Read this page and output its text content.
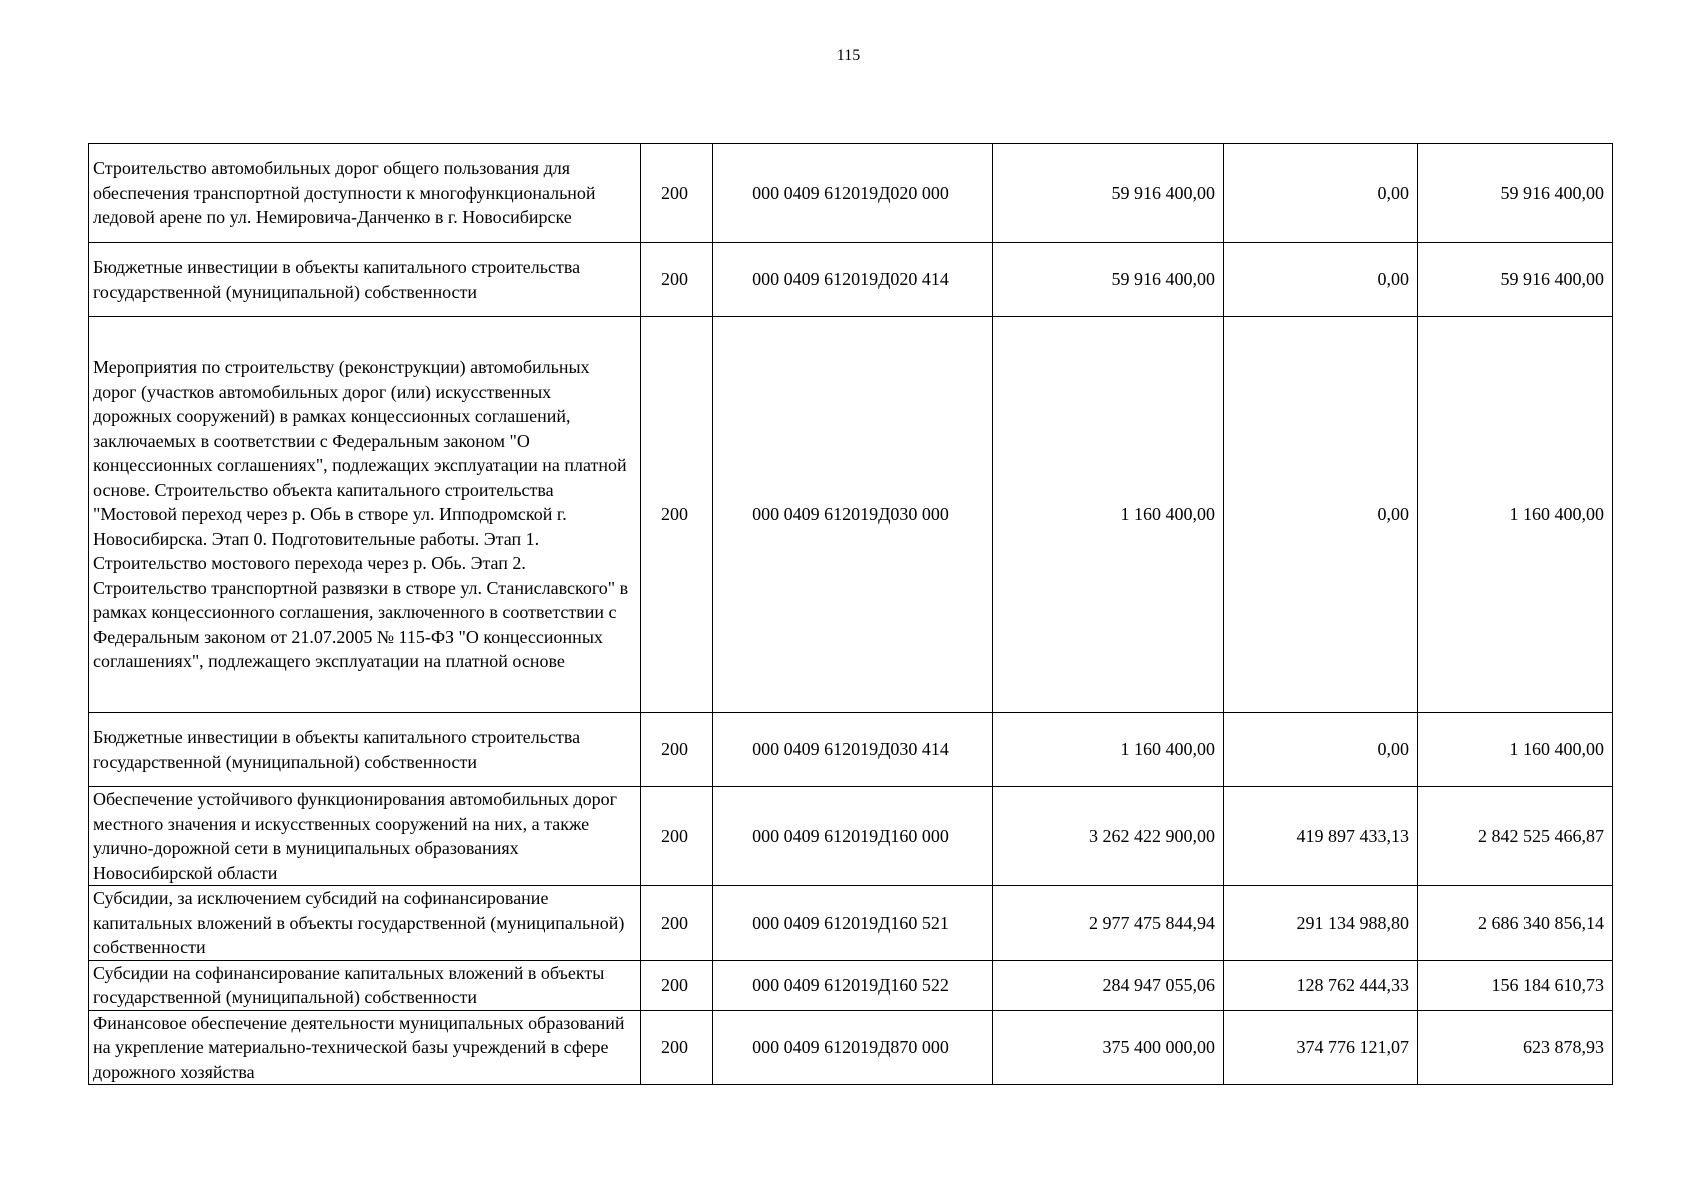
115
Строительство автомобильных дорог общего пользования для обеспечения транспортной доступности к многофункциональной ледовой арене по ул. Немировича-Данченко в г. Новосибирске	200	000 0409 612019Д020 000	59 916 400,00	0,00	59 916 400,00
Бюджетные инвестиции в объекты капитального строительства государственной (муниципальной) собственности	200	000 0409 612019Д020 414	59 916 400,00	0,00	59 916 400,00
Мероприятия по строительству (реконструкции) автомобильных дорог (участков автомобильных дорог (или) искусственных дорожных сооружений) в рамках концессионных соглашений, заключаемых в соответствии с Федеральным законом "О концессионных соглашениях", подлежащих эксплуатации на платной основе. Строительство объекта капитального строительства "Мостовой переход через р. Обь в створе ул. Ипподромской г. Новосибирска. Этап 0. Подготовительные работы. Этап 1. Строительство мостового перехода через р. Обь. Этап 2. Строительство транспортной развязки в створе ул. Станиславского" в рамках концессионного соглашения, заключенного в соответствии с Федеральным законом от 21.07.2005 № 115-ФЗ "О концессионных соглашениях", подлежащего эксплуатации на платной основе	200	000 0409 612019Д030 000	1 160 400,00	0,00	1 160 400,00
Бюджетные инвестиции в объекты капитального строительства государственной (муниципальной) собственности	200	000 0409 612019Д030 414	1 160 400,00	0,00	1 160 400,00
Обеспечение устойчивого функционирования автомобильных дорог местного значения и искусственных сооружений на них, а также улично-дорожной сети в муниципальных образованиях Новосибирской области	200	000 0409 612019Д160 000	3 262 422 900,00	419 897 433,13	2 842 525 466,87
Субсидии, за исключением субсидий на софинансирование капитальных вложений в объекты государственной (муниципальной) собственности	200	000 0409 612019Д160 521	2 977 475 844,94	291 134 988,80	2 686 340 856,14
Субсидии на софинансирование капитальных вложений в объекты государственной (муниципальной) собственности	200	000 0409 612019Д160 522	284 947 055,06	128 762 444,33	156 184 610,73
Финансовое обеспечение деятельности муниципальных образований на укрепление материально-технической базы учреждений в сфере дорожного хозяйства	200	000 0409 612019Д870 000	375 400 000,00	374 776 121,07	623 878,93
